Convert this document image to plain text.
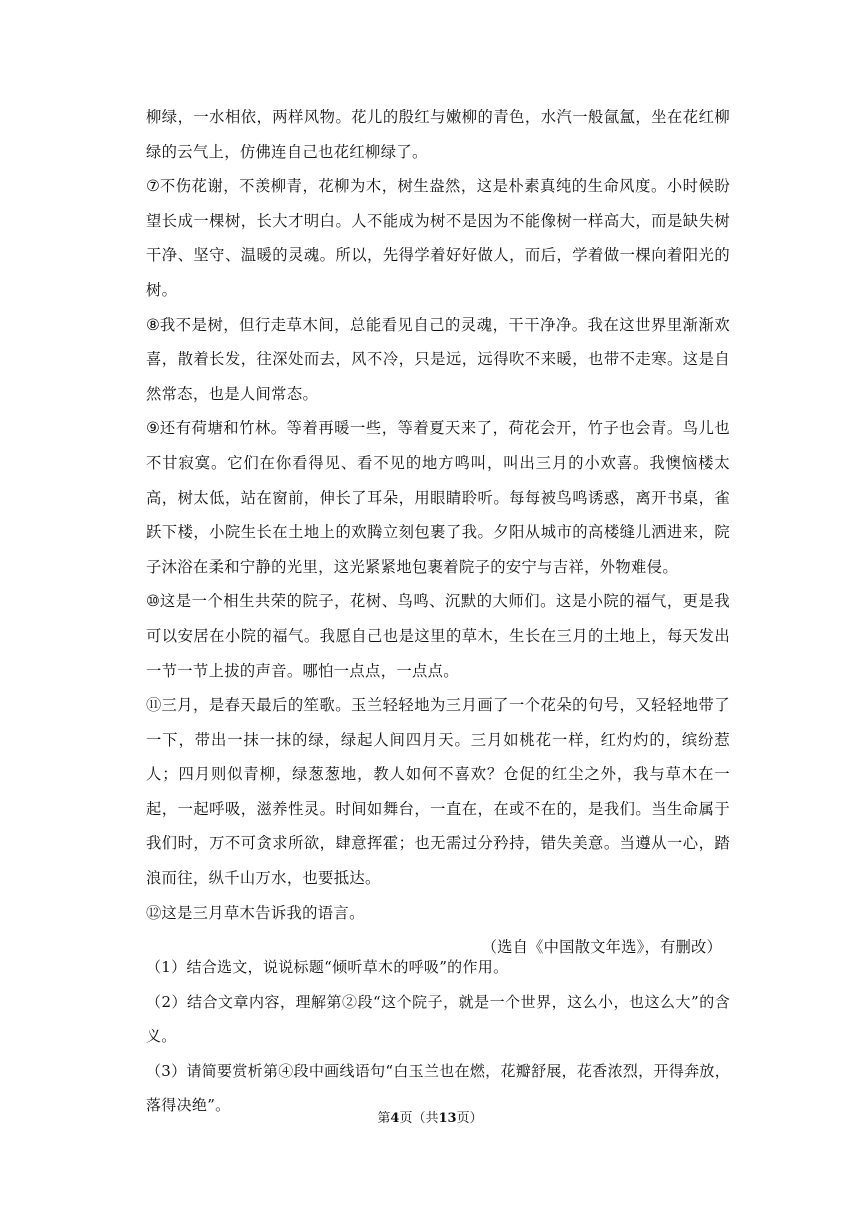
柳绿，一水相依，两样风物。花儿的殷红与嫩柳的青色，水汽一般氤氲，坐在花红柳绿的云气上，仿佛连自己也花红柳绿了。

⑦不伤花谢，不羡柳青，花柳为木，树生盎然，这是朴素真纯的生命风度。小时候盼望长成一棵树，长大才明白。人不能成为树不是因为不能像树一样高大，而是缺失树干净、坚守、温暖的灵魂。所以，先得学着好好做人，而后，学着做一棵向着阳光的树。

⑧我不是树，但行走草木间，总能看见自己的灵魂，干干净净。我在这世界里渐渐欢喜，散着长发，往深处而去，风不冷，只是远，远得吹不来暖，也带不走寒。这是自然常态，也是人间常态。

⑨还有荷塘和竹林。等着再暖一些，等着夏天来了，荷花会开，竹子也会青。鸟儿也不甘寂寞。它们在你看得见、看不见的地方鸣叫，叫出三月的小欢喜。我懊恼楼太高，树太低，站在窗前，伸长了耳朵，用眼睛聆听。每每被鸟鸣诱惑，离开书桌，雀跃下楼，小院生长在土地上的欢腾立刻包裹了我。夕阳从城市的高楼缝儿洒进来，院子沐浴在柔和宁静的光里，这光紧紧地包裹着院子的安宁与吉祥，外物难侵。

⑩这是一个相生共荣的院子，花树、鸟鸣、沉默的大师们。这是小院的福气，更是我可以安居在小院的福气。我愿自己也是这里的草木，生长在三月的土地上，每天发出一节一节上拔的声音。哪怕一点点，一点点。

⑪三月，是春天最后的笙歌。玉兰轻轻地为三月画了一个花朵的句号，又轻轻地带了一下，带出一抹一抹的绿，绿起人间四月天。三月如桃花一样，红灼灼的，缤纷惹人；四月则似青柳，绿葱葱地，教人如何不喜欢？仓促的红尘之外，我与草木在一起，一起呼吸，滋养性灵。时间如舞台，一直在，在或不在的，是我们。当生命属于我们时，万不可贪求所欲，肆意挥霍；也无需过分矜持，错失美意。当遵从一心，踏浪而往，纵千山万水，也要抵达。

⑫这是三月草木告诉我的语言。

（选自《中国散文年选》，有删改）

（1）结合选文，说说标题“倾听草木的呼吸”的作用。

（2）结合文章内容，理解第②段“这个院子，就是一个世界，这么小，也这么大”的含义。

（3）请简要赏析第④段中画线语句“白玉兰也在燃，花瓣舒展，花香浓烈，开得奔放，落得决绝”。

第4页（共13页）
